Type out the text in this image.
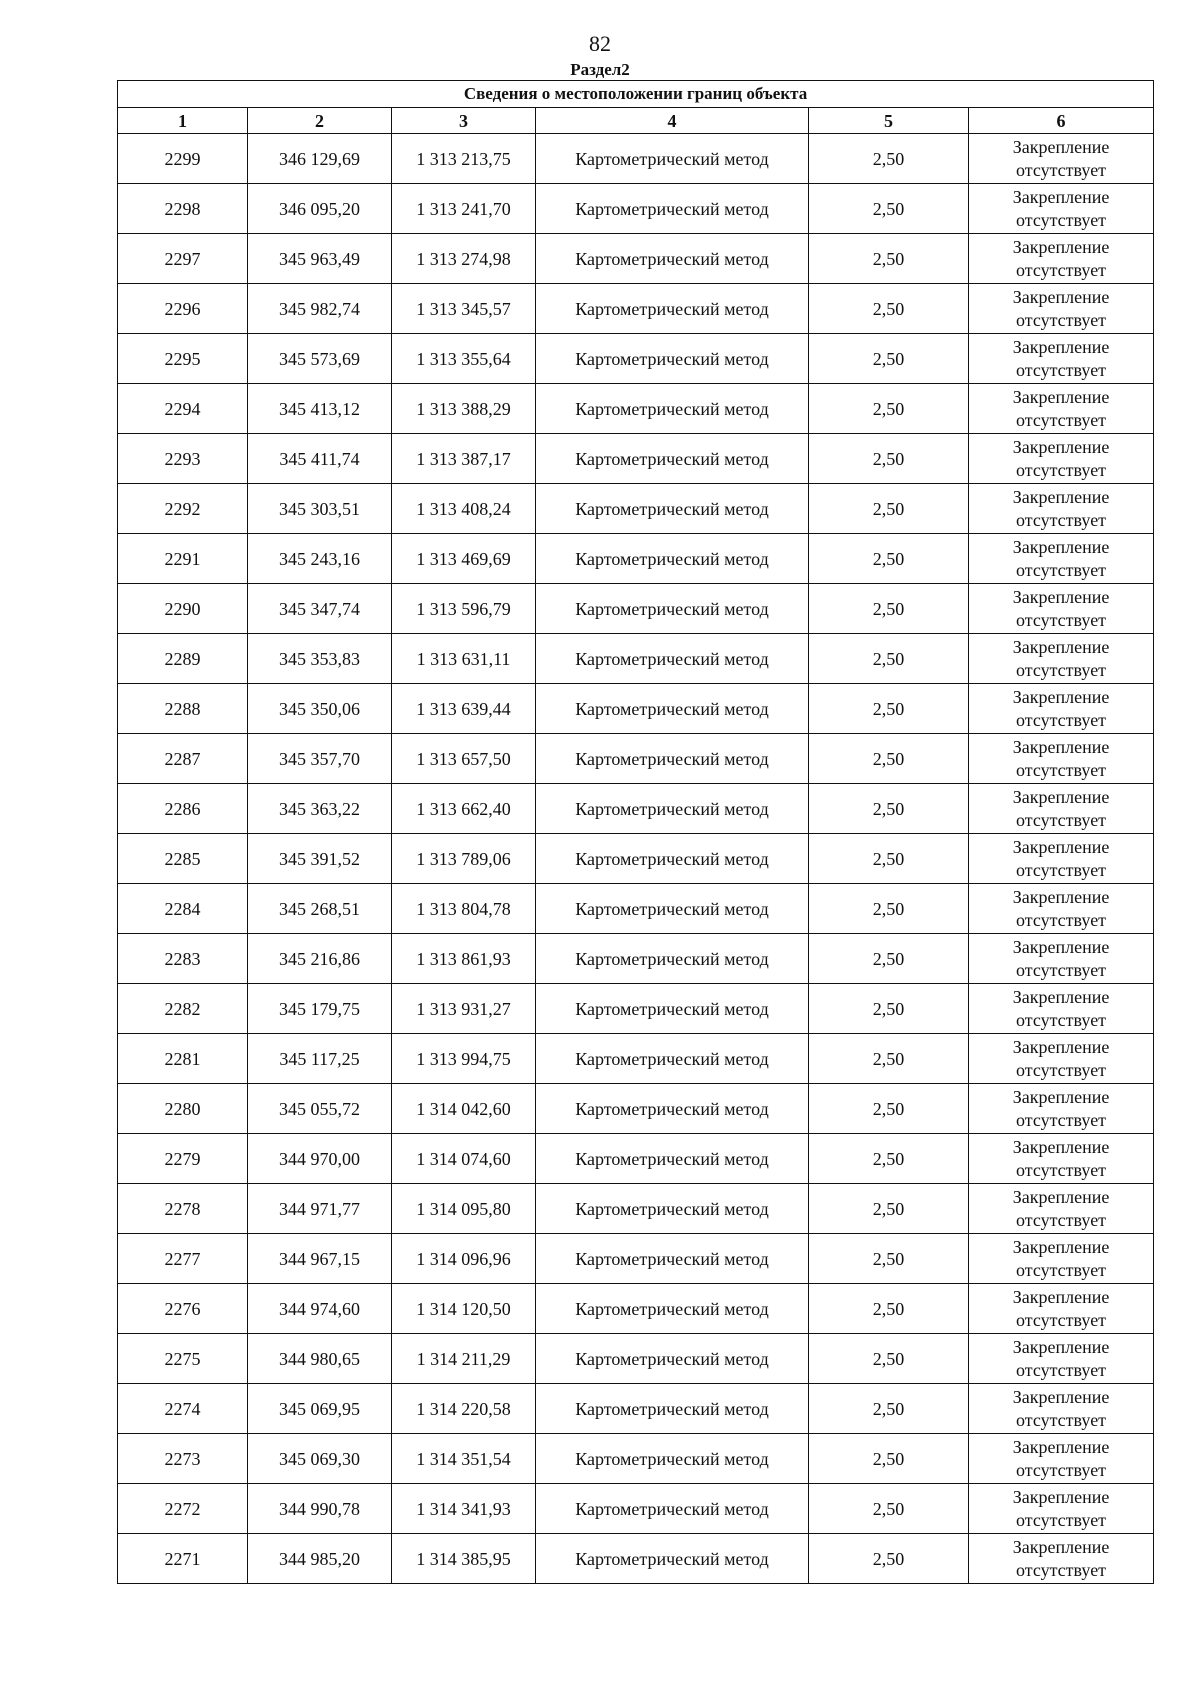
82
Раздел2
Сведения о местоположении границ объекта					
1	2	3	4	5	6
2299	346 129,69	1 313 213,75	Картометрический метод	2,50	Закрепление
отсутствует

2298	346 095,20	1 313 241,70	Картометрический метод	2,50	Закрепление
отсутствует

2297	345 963,49	1 313 274,98	Картометрический метод	2,50	Закрепление
отсутствует

2296	345 982,74	1 313 345,57	Картометрический метод	2,50	Закрепление
отсутствует

2295	345 573,69	1 313 355,64	Картометрический метод	2,50	Закрепление
отсутствует

2294	345 413,12	1 313 388,29	Картометрический метод	2,50	Закрепление
отсутствует

2293	345 411,74	1 313 387,17	Картометрический метод	2,50	Закрепление
отсутствует

2292	345 303,51	1 313 408,24	Картометрический метод	2,50	Закрепление
отсутствует

2291	345 243,16	1 313 469,69	Картометрический метод	2,50	Закрепление
отсутствует

2290	345 347,74	1 313 596,79	Картометрический метод	2,50	Закрепление
отсутствует

2289	345 353,83	1 313 631,11	Картометрический метод	2,50	Закрепление
отсутствует

2288	345 350,06	1 313 639,44	Картометрический метод	2,50	Закрепление
отсутствует

2287	345 357,70	1 313 657,50	Картометрический метод	2,50	Закрепление
отсутствует

2286	345 363,22	1 313 662,40	Картометрический метод	2,50	Закрепление
отсутствует

2285	345 391,52	1 313 789,06	Картометрический метод	2,50	Закрепление
отсутствует

2284	345 268,51	1 313 804,78	Картометрический метод	2,50	Закрепление
отсутствует

2283	345 216,86	1 313 861,93	Картометрический метод	2,50	Закрепление
отсутствует

2282	345 179,75	1 313 931,27	Картометрический метод	2,50	Закрепление
отсутствует

2281	345 117,25	1 313 994,75	Картометрический метод	2,50	Закрепление
отсутствует

2280	345 055,72	1 314 042,60	Картометрический метод	2,50	Закрепление
отсутствует

2279	344 970,00	1 314 074,60	Картометрический метод	2,50	Закрепление
отсутствует

2278	344 971,77	1 314 095,80	Картометрический метод	2,50	Закрепление
отсутствует

2277	344 967,15	1 314 096,96	Картометрический метод	2,50	Закрепление
отсутствует

2276	344 974,60	1 314 120,50	Картометрический метод	2,50	Закрепление
отсутствует

2275	344 980,65	1 314 211,29	Картометрический метод	2,50	Закрепление
отсутствует

2274	345 069,95	1 314 220,58	Картометрический метод	2,50	Закрепление
отсутствует

2273	345 069,30	1 314 351,54	Картометрический метод	2,50	Закрепление
отсутствует

2272	344 990,78	1 314 341,93	Картометрический метод	2,50	Закрепление
отсутствует

2271	344 985,20	1 314 385,95	Картометрический метод	2,50	Закрепление
отсутствует
